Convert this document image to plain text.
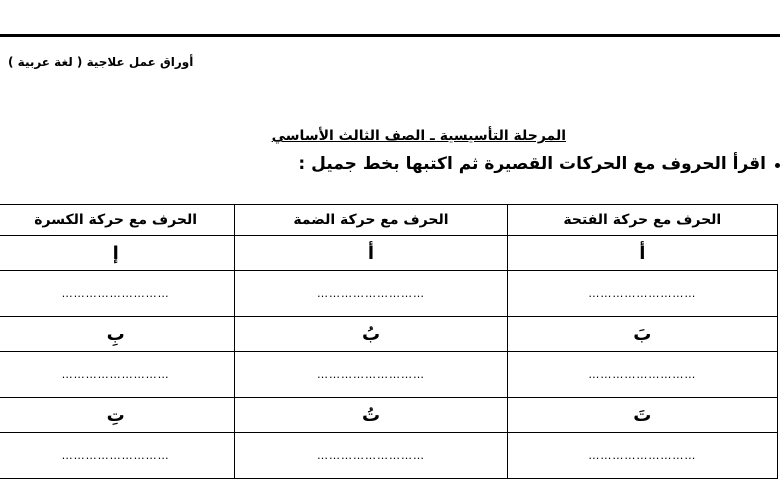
أوراق عمل علاجية ( لغة عربية )
المرحلة التأسيسية ـ الصف الثالث الأساسي
اقرأ الحروف مع الحركات القصيرة ثم اكتبها بخط جميل :
الحرف مع حركة الفتحة	الحرف مع حركة الضمة	الحرف مع حركة الكسرة
أ	أ	إ
………………………	………………………	………………………
بَ	بُ	بِ
………………………	………………………	………………………
تَ	تُ	تِ
………………………	………………………	………………………
